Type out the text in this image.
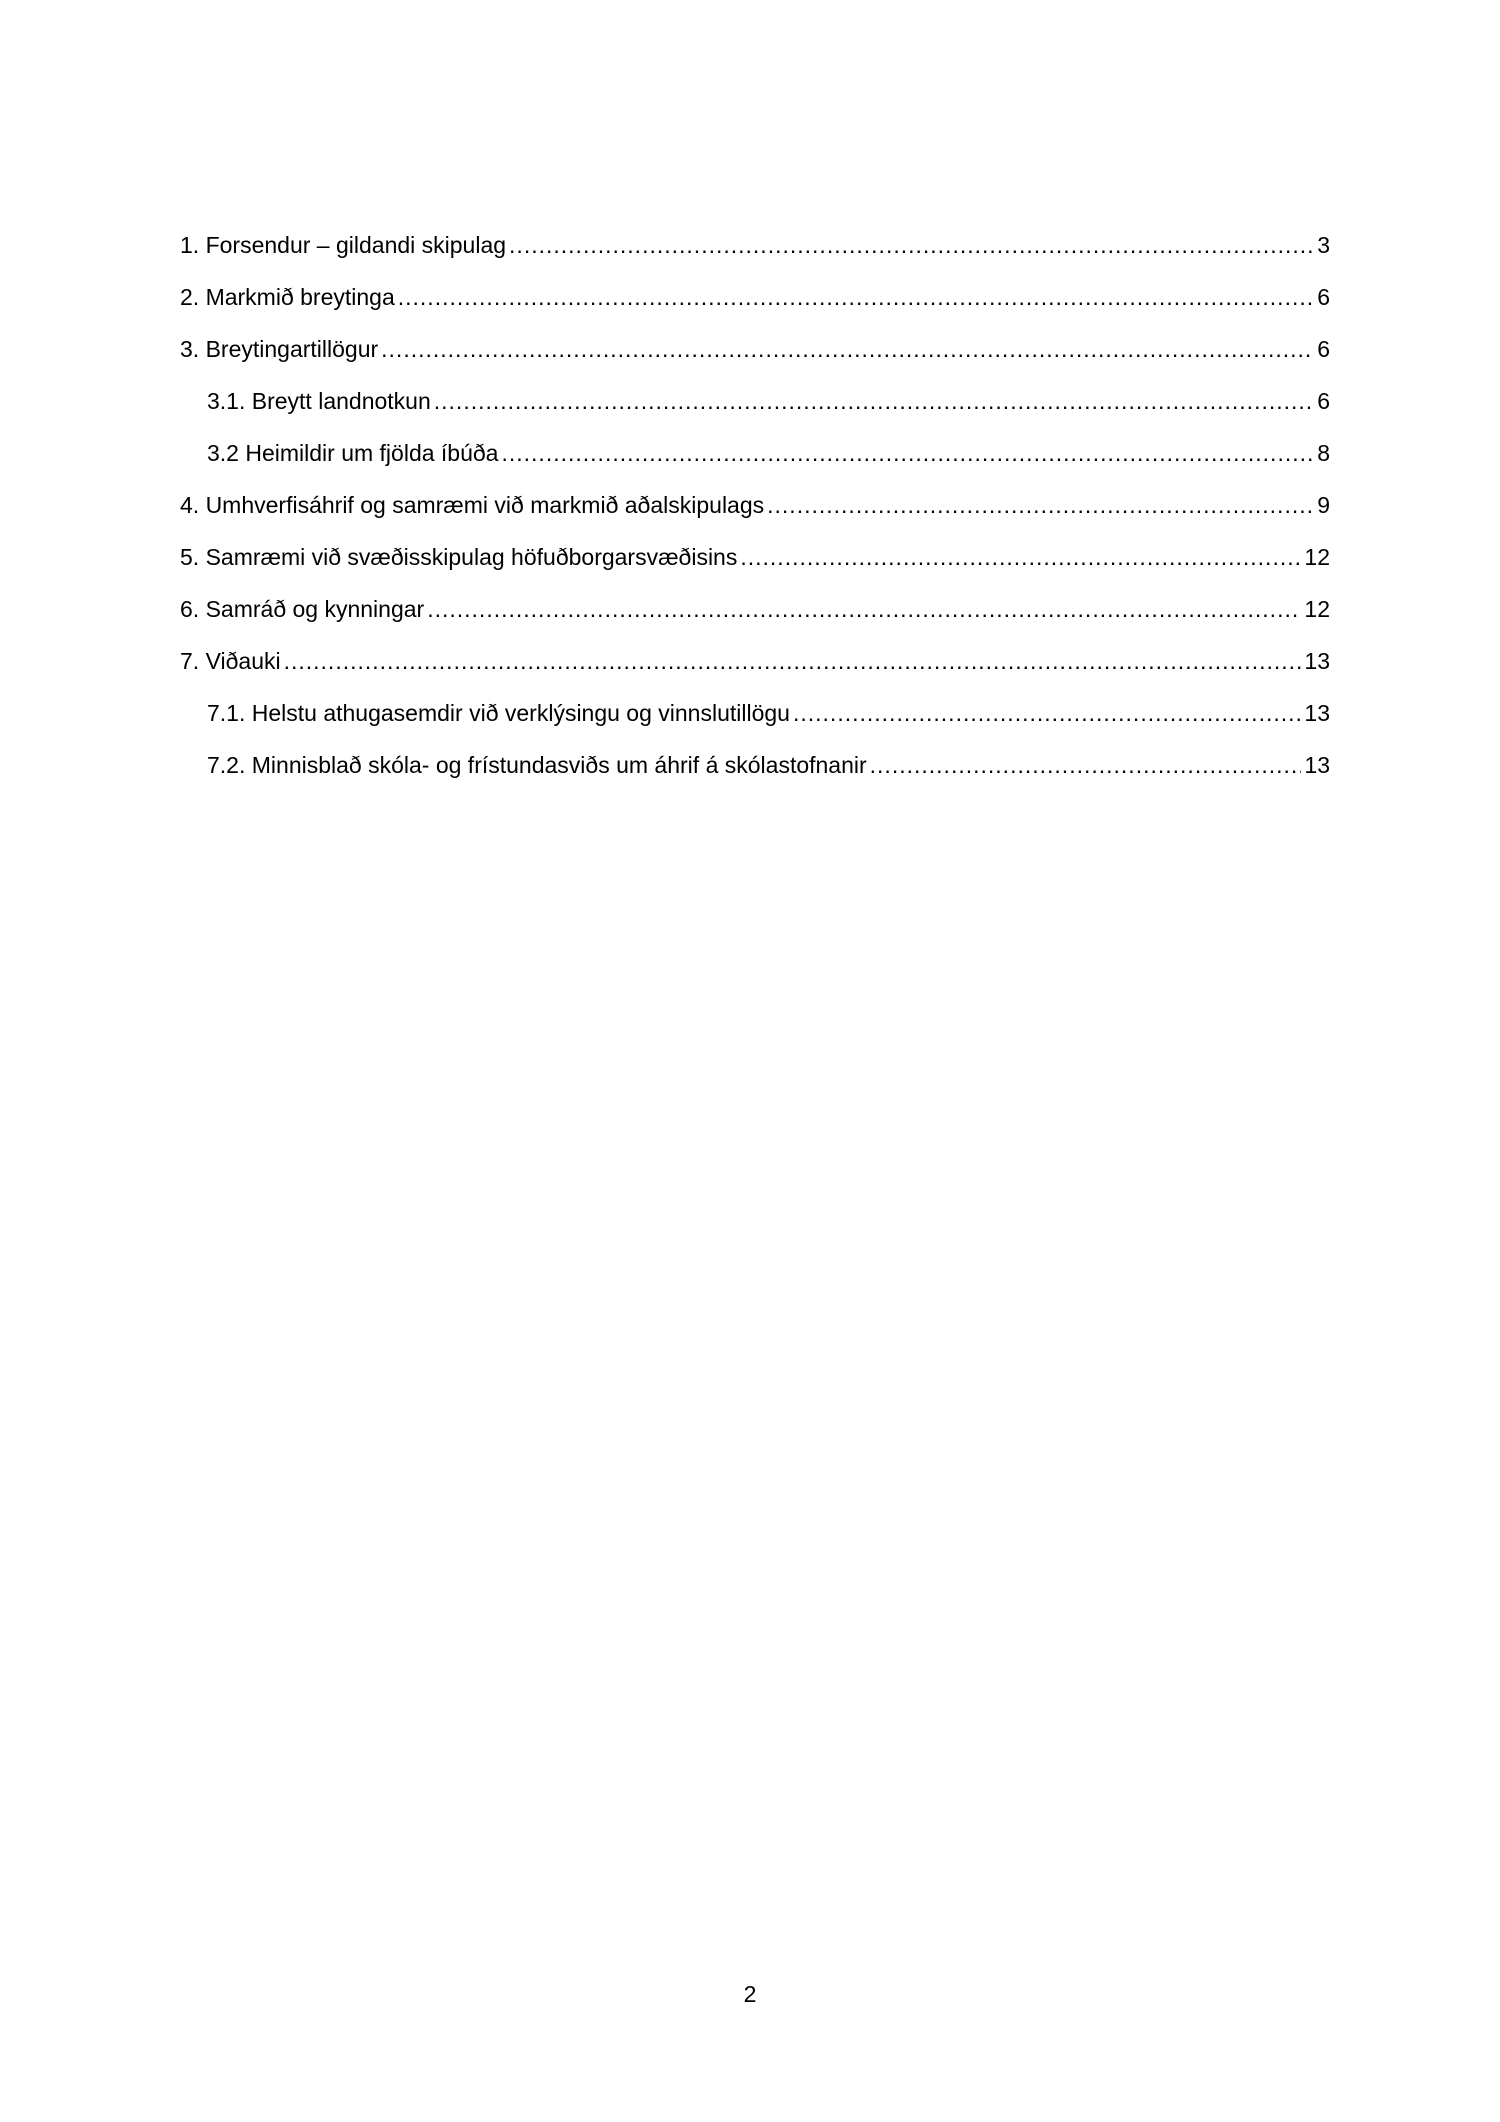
1. Forsendur – gildandi skipulag .....	3
2. Markmið breytinga .....	6
3. Breytingartillögur .....	6
3.1. Breytt landnotkun .....	6
3.2 Heimildir um fjölda íbúða .....	8
4. Umhverfisáhrif og samræmi við markmið aðalskipulags .....	9
5. Samræmi við svæðisskipulag höfuðborgarsvæðisins .....	12
6. Samráð og kynningar .....	12
7. Viðauki .....	13
7.1. Helstu athugasemdir við verklýsingu og vinnslutillögu .....	13
7.2. Minnisblað skóla- og frístundasviðs um áhrif á skólastofnanir .....	13
2
